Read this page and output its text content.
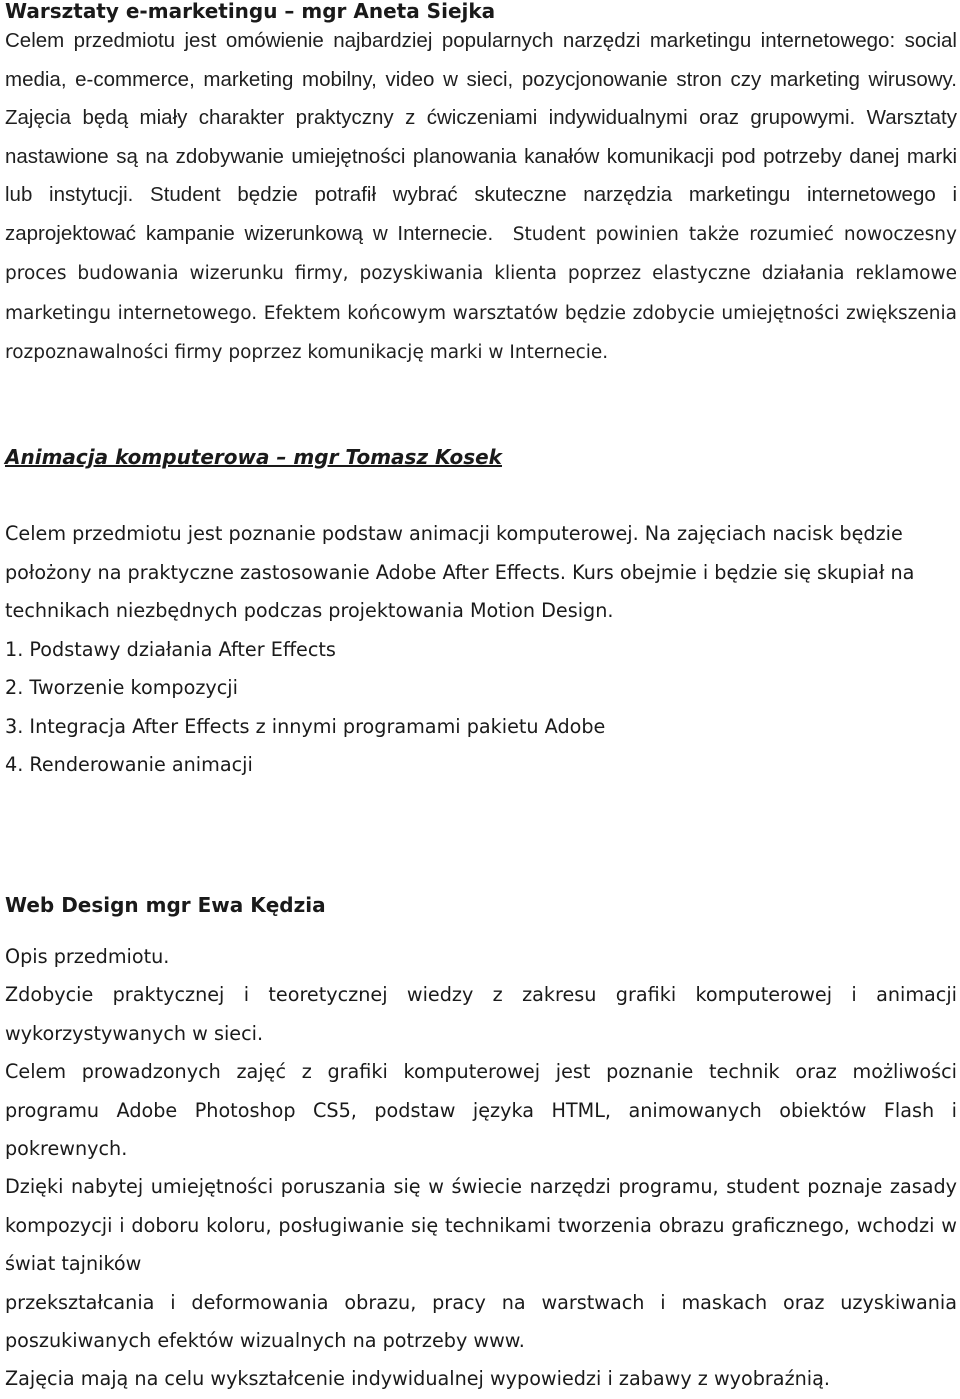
Warsztaty e-marketingu – mgr Aneta Siejka

Celem przedmiotu jest omówienie najbardziej popularnych narzędzi marketingu internetowego: social media, e-commerce, marketing mobilny, video w sieci, pozycjonowanie stron czy marketing wirusowy. Zajęcia będą miały charakter praktyczny z ćwiczeniami indywidualnymi oraz grupowymi. Warsztaty nastawione są na zdobywanie umiejętności planowania kanałów komunikacji pod potrzeby danej marki lub instytucji. Student będzie potrafił wybrać skuteczne narzędzia marketingu internetowego i zaprojektować kampanie wizerunkową w Internecie. Student powinien także rozumieć nowoczesny proces budowania wizerunku firmy, pozyskiwania klienta poprzez elastyczne działania reklamowe marketingu internetowego. Efektem końcowym warsztatów będzie zdobycie umiejętności zwiększenia rozpoznawalności firmy poprzez komunikację marki w Internecie.

Animacja komputerowa – mgr Tomasz Kosek

Celem przedmiotu jest poznanie podstaw animacji komputerowej. Na zajęciach nacisk będzie położony na praktyczne zastosowanie Adobe After Effects. Kurs obejmie i będzie się skupiał na technikach niezbędnych podczas projektowania Motion Design.

1. Podstawy działania After Effects

2. Tworzenie kompozycji

3. Integracja After Effects z innymi programami pakietu Adobe

4. Renderowanie animacji

Web Design mgr Ewa Kędzia

Opis przedmiotu.

Zdobycie praktycznej i teoretycznej wiedzy z zakresu grafiki komputerowej i animacji wykorzystywanych w sieci.

Celem prowadzonych zajęć z grafiki komputerowej jest poznanie technik oraz możliwości programu Adobe Photoshop CS5, podstaw języka HTML, animowanych obiektów Flash i pokrewnych.

Dzięki nabytej umiejętności poruszania się w świecie narzędzi programu, student poznaje zasady kompozycji i doboru koloru, posługiwanie się technikami tworzenia obrazu graficznego, wchodzi w świat tajników

przekształcania i deformowania obrazu, pracy na warstwach i maskach oraz uzyskiwania poszukiwanych efektów wizualnych na potrzeby www.

Zajęcia mają na celu wykształcenie indywidualnej wypowiedzi i zabawy z wyobraźnią.
